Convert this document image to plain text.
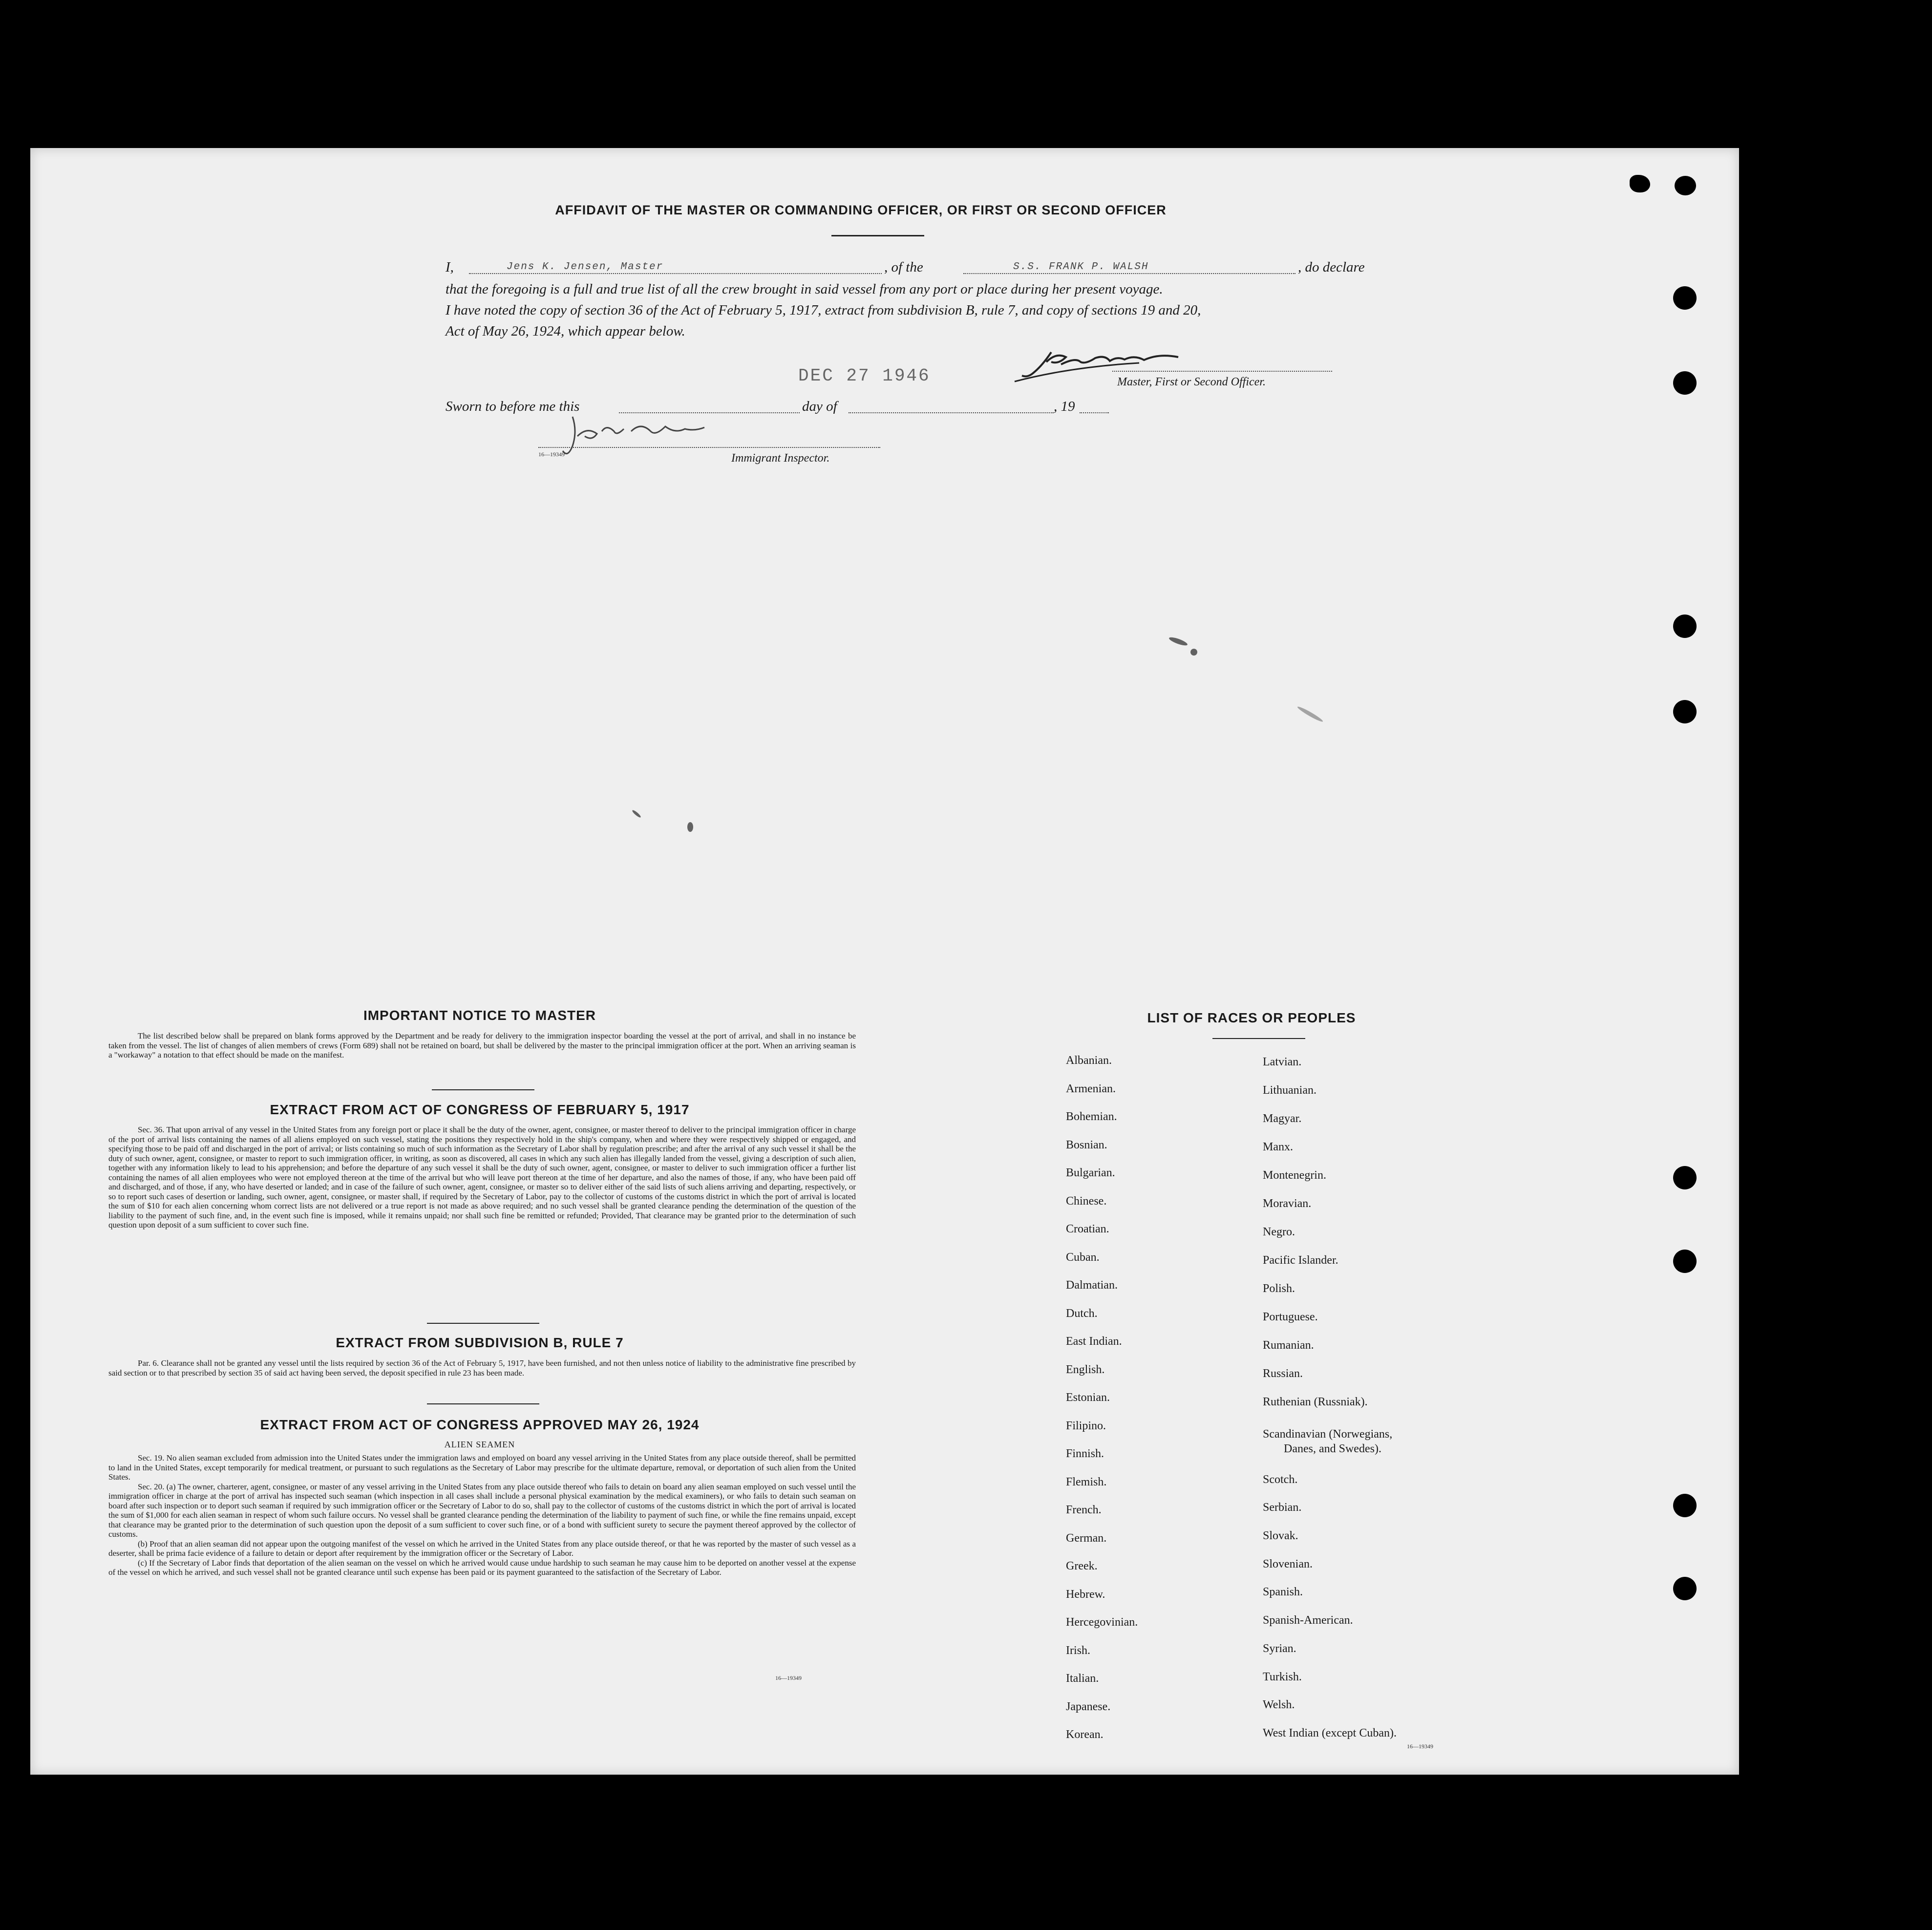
AFFIDAVIT OF THE MASTER OR COMMANDING OFFICER, OR FIRST OR SECOND OFFICER
I,	Jens K. Jensen, Master	, of the	S.S. FRANK P. WALSH	, do declare
that the foregoing is a full and true list of all the crew brought in said vessel from any port or place during her present voyage.
I have noted the copy of section 36 of the Act of February 5, 1917, extract from subdivision B, rule 7, and copy of sections 19 and 20,
Act of May 26, 1924, which appear below.
DEC 27 1946	Master, First or Second Officer.
Sworn to before me this	day of	, 19
16—19349	Immigrant Inspector.
IMPORTANT NOTICE TO MASTER

The list described below shall be prepared on blank forms approved by the Department and be ready for delivery to the immigration inspector boarding the vessel at the port of arrival, and shall in no instance be taken from the vessel. The list of changes of alien members of crews (Form 689) shall not be retained on board, but shall be delivered by the master to the principal immigration officer at the port. When an arriving seaman is a "workaway" a notation to that effect should be made on the manifest.

EXTRACT FROM ACT OF CONGRESS OF FEBRUARY 5, 1917

Sec. 36. That upon arrival of any vessel in the United States from any foreign port or place it shall be the duty of the owner, agent, consignee, or master thereof to deliver to the principal immigration officer in charge of the port of arrival lists containing the names of all aliens employed on such vessel, stating the positions they respectively hold in the ship's company, when and where they were respectively shipped or engaged, and specifying those to be paid off and discharged in the port of arrival; or lists containing so much of such information as the Secretary of Labor shall by regulation prescribe; and after the arrival of any such vessel it shall be the duty of such owner, agent, consignee, or master to report to such immigration officer, in writing, as soon as discovered, all cases in which any such alien has illegally landed from the vessel, giving a description of such alien, together with any information likely to lead to his apprehension; and before the departure of any such vessel it shall be the duty of such owner, agent, consignee, or master to deliver to such immigration officer a further list containing the names of all alien employees who were not employed thereon at the time of the arrival but who will leave port thereon at the time of her departure, and also the names of those, if any, who have been paid off and discharged, and of those, if any, who have deserted or landed; and in case of the failure of such owner, agent, consignee, or master so to deliver either of the said lists of such aliens arriving and departing, respectively, or so to report such cases of desertion or landing, such owner, agent, consignee, or master shall, if required by the Secretary of Labor, pay to the collector of customs of the customs district in which the port of arrival is located the sum of $10 for each alien concerning whom correct lists are not delivered or a true report is not made as above required; and no such vessel shall be granted clearance pending the determination of the question of the liability to the payment of such fine, and, in the event such fine is imposed, while it remains unpaid; nor shall such fine be remitted or refunded; Provided, That clearance may be granted prior to the determination of such question upon deposit of a sum sufficient to cover such fine.

EXTRACT FROM SUBDIVISION B, RULE 7

Par. 6. Clearance shall not be granted any vessel until the lists required by section 36 of the Act of February 5, 1917, have been furnished, and not then unless notice of liability to the administrative fine prescribed by said section or to that prescribed by section 35 of said act having been served, the deposit specified in rule 23 has been made.

EXTRACT FROM ACT OF CONGRESS APPROVED MAY 26, 1924
ALIEN SEAMEN

Sec. 19. No alien seaman excluded from admission into the United States under the immigration laws and employed on board any vessel arriving in the United States from any place outside thereof, shall be permitted to land in the United States, except temporarily for medical treatment, or pursuant to such regulations as the Secretary of Labor may prescribe for the ultimate departure, removal, or deportation of such alien from the United States.

Sec. 20. (a) The owner, charterer, agent, consignee, or master of any vessel arriving in the United States from any place outside thereof who fails to detain on board any alien seaman employed on such vessel until the immigration officer in charge at the port of arrival has inspected such seaman (which inspection in all cases shall include a personal physical examination by the medical examiners), or who fails to detain such seaman on board after such inspection or to deport such seaman if required by such immigration officer or the Secretary of Labor to do so, shall pay to the collector of customs of the customs district in which the port of arrival is located the sum of $1,000 for each alien seaman in respect of whom such failure occurs. No vessel shall be granted clearance pending the determination of the liability to payment of such fine, or while the fine remains unpaid, except that clearance may be granted prior to the determination of such question upon the deposit of a sum sufficient to cover such fine, or of a bond with sufficient surety to secure the payment thereof approved by the collector of customs.

(b) Proof that an alien seaman did not appear upon the outgoing manifest of the vessel on which he arrived in the United States from any place outside thereof, or that he was reported by the master of such vessel as a deserter, shall be prima facie evidence of a failure to detain or deport after requirement by the immigration officer or the Secretary of Labor.

(c) If the Secretary of Labor finds that deportation of the alien seaman on the vessel on which he arrived would cause undue hardship to such seaman he may cause him to be deported on another vessel at the expense of the vessel on which he arrived, and such vessel shall not be granted clearance until such expense has been paid or its payment guaranteed to the satisfaction of the Secretary of Labor.

16—19349
LIST OF RACES OR PEOPLES
Albanian.
Armenian.
Bohemian.
Bosnian.
Bulgarian.
Chinese.
Croatian.
Cuban.
Dalmatian.
Dutch.
East Indian.
English.
Estonian.
Filipino.
Finnish.
Flemish.
French.
German.
Greek.
Hebrew.
Hercegovinian.
Irish.
Italian.
Japanese.
Korean.
Latvian.
Lithuanian.
Magyar.
Manx.
Montenegrin.
Moravian.
Negro.
Pacific Islander.
Polish.
Portuguese.
Rumanian.
Russian.
Ruthenian (Russniak).
Scandinavian (Norwegians,
Danes, and Swedes).
Scotch.
Serbian.
Slovak.
Slovenian.
Spanish.
Spanish-American.
Syrian.
Turkish.
Welsh.
West Indian (except Cuban).
16—19349
